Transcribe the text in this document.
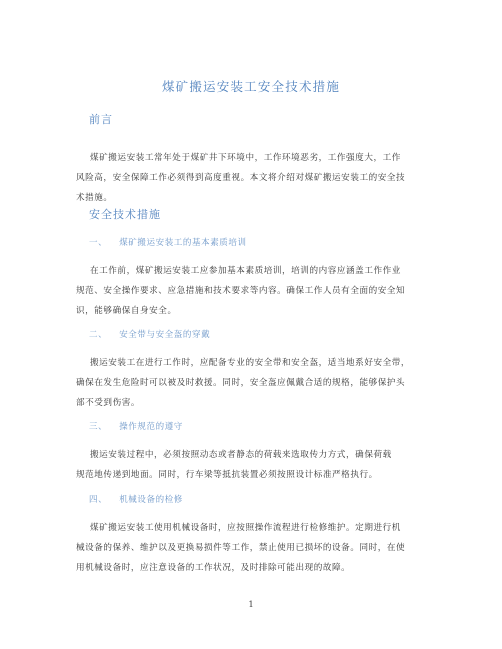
煤矿搬运安装工安全技术措施
前言
煤矿搬运安装工常年处于煤矿井下环境中，工作环境恶劣，工作强度大，工作
风险高，安全保障工作必须得到高度重视。本文将介绍对煤矿搬运安装工的安全技
术措施。
安全技术措施
一、 煤矿搬运安装工的基本素质培训
在工作前，煤矿搬运安装工应参加基本素质培训，培训的内容应涵盖工作作业
规范、安全操作要求、应急措施和技术要求等内容。确保工作人员有全面的安全知
识，能够确保自身安全。
二、 安全带与安全盔的穿戴
搬运安装工在进行工作时，应配备专业的安全带和安全盔，适当地系好安全带，
确保在发生危险时可以被及时救援。同时，安全盔应佩戴合适的规格，能够保护头
部不受到伤害。
三、 操作规范的遵守
搬运安装过程中，必须按照动态或者静态的荷载来选取传力方式，确保荷载
规范地传递到地面。同时，行车梁等抵抗装置必须按照设计标准严格执行。
四、 机械设备的检修
煤矿搬运安装工使用机械设备时，应按照操作流程进行检修维护。定期进行机
械设备的保养、维护以及更换易损件等工作，禁止使用已损坏的设备。同时，在使
用机械设备时，应注意设备的工作状况，及时排除可能出现的故障。
1
